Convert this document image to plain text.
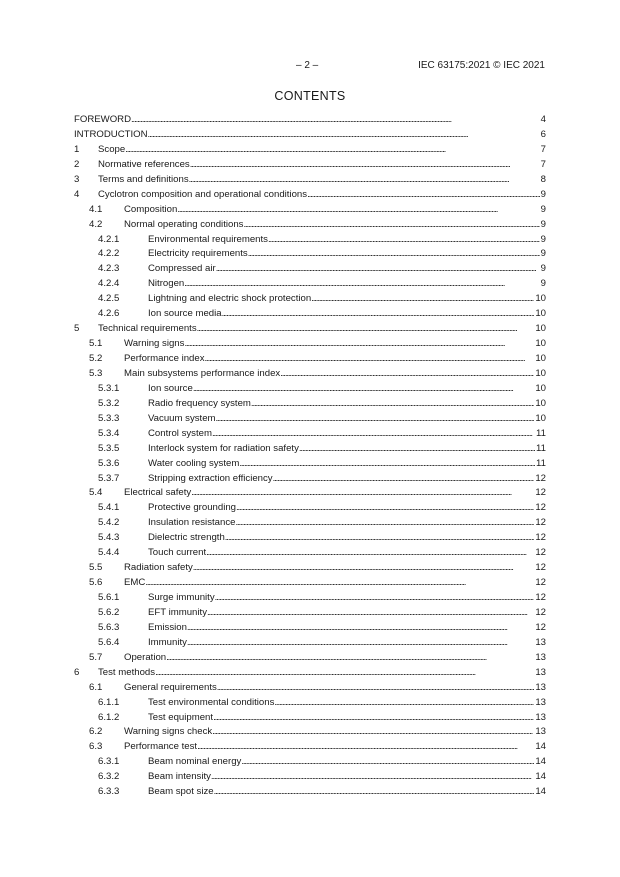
– 2 –	IEC 63175:2021 © IEC 2021
CONTENTS
FOREWORD . . .	4
INTRODUCTION . . .	6
1 Scope . . .	7
2 Normative references . . .	7
3 Terms and definitions . . .	8
4 Cyclotron composition and operational conditions . . .	9
4.1 Composition . . .	9
4.2 Normal operating conditions . . .	9
4.2.1	Environmental requirements . . .	9
4.2.2	Electricity requirements . . .	9
4.2.3	Compressed air . . .	9
4.2.4	Nitrogen . . .	9
4.2.5	Lightning and electric shock protection . . .	10
4.2.6	Ion source media . . .	10
5 Technical requirements . . .	10
5.1 Warning signs . . .	10
5.2 Performance index . . .	10
5.3 Main subsystems performance index . . .	10
5.3.1	Ion source . . .	10
5.3.2	Radio frequency system . . .	10
5.3.3	Vacuum system . . .	10
5.3.4	Control system . . .	11
5.3.5	Interlock system for radiation safety . . .	11
5.3.6	Water cooling system . . .	11
5.3.7	Stripping extraction efficiency . . .	12
5.4 Electrical safety . . .	12
5.4.1	Protective grounding . . .	12
5.4.2	Insulation resistance . . .	12
5.4.3	Dielectric strength . . .	12
5.4.4	Touch current . . .	12
5.5 Radiation safety . . .	12
5.6 EMC . . .	12
5.6.1	Surge immunity . . .	12
5.6.2	EFT immunity . . .	12
5.6.3	Emission . . .	12
5.6.4	Immunity . . .	13
5.7 Operation . . .	13
6 Test methods . . .	13
6.1 General requirements . . .	13
6.1.1	Test environmental conditions . . .	13
6.1.2	Test equipment . . .	13
6.2 Warning signs check . . .	13
6.3 Performance test . . .	14
6.3.1	Beam nominal energy . . .	14
6.3.2	Beam intensity . . .	14
6.3.3	Beam spot size . . .	14
